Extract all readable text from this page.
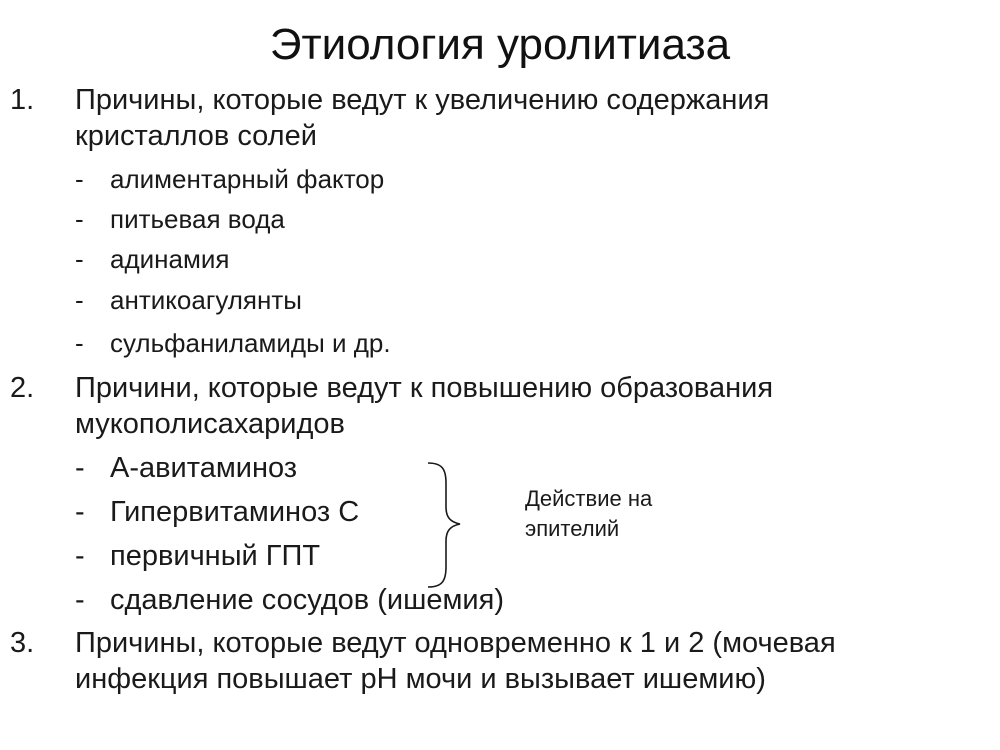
Этиология уролитиаза
1. Причины, которые ведут к увеличению содержания
кристаллов солей
- алиментарный фактор
- питьевая вода
- адинамия
- антикоагулянты
- сульфаниламиды и др.
2. Причини, которые ведут к повышению образования
мукополисахаридов
- А-авитаминоз
- Гипервитаминоз С
- первичный ГПТ
- сдавление сосудов (ишемия)
Действие на
эпителий
3. Причины, которые ведут одновременно к 1 и 2 (мочевая
инфекция повышает рН мочи и вызывает ишемию)
